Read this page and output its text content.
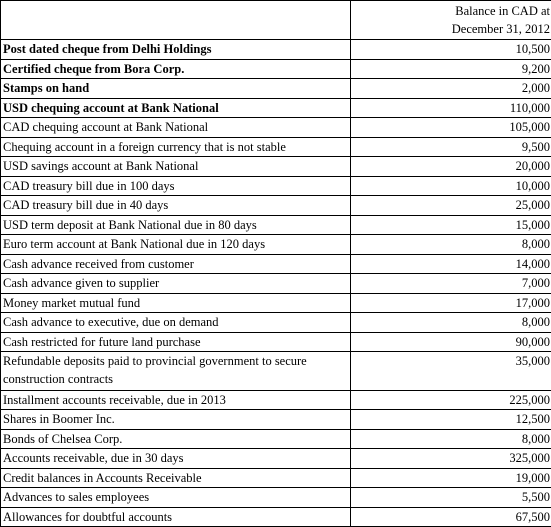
	Balance in CAD at
December 31, 2012
Post dated cheque from Delhi Holdings	10,500
Certified cheque from Bora Corp.	9,200
Stamps on hand	2,000
USD chequing account at Bank National	110,000
CAD chequing account at Bank National	105,000
Chequing account in a foreign currency that is not stable	9,500
USD savings account at Bank National	20,000
CAD treasury bill due in 100 days	10,000
CAD treasury bill due in 40 days	25,000
USD term deposit at Bank National due in 80 days	15,000
Euro term account at Bank National due in 120 days	8,000
Cash advance received from customer	14,000
Cash advance given to supplier	7,000
Money market mutual fund	17,000
Cash advance to executive, due on demand	8,000
Cash restricted for future land purchase	90,000
Refundable deposits paid to provincial government to secure construction contracts	35,000
Installment accounts receivable, due in 2013	225,000
Shares in Boomer Inc.	12,500
Bonds of Chelsea Corp.	8,000
Accounts receivable, due in 30 days	325,000
Credit balances in Accounts Receivable	19,000
Advances to sales employees	5,500
Allowances for doubtful accounts	67,500
